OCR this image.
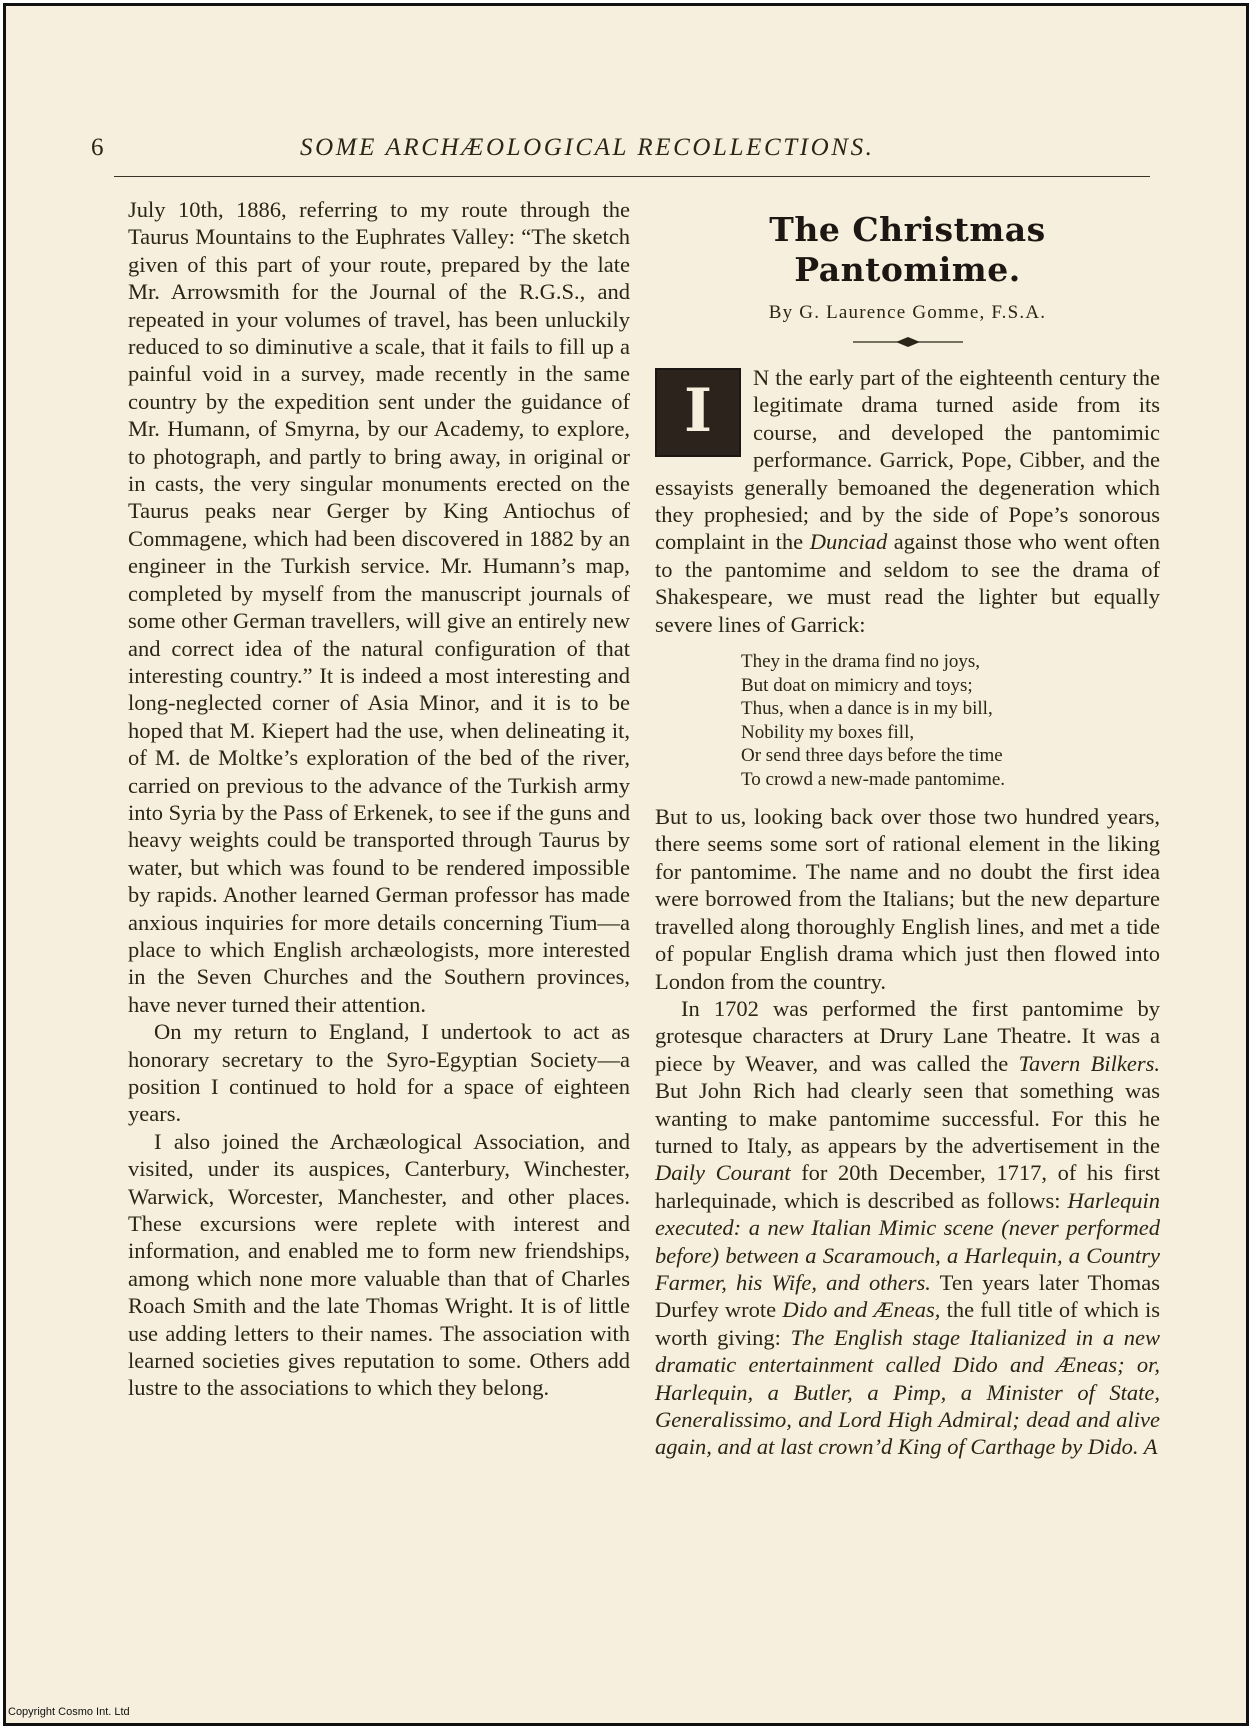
6	SOME ARCHÆOLOGICAL RECOLLECTIONS.

July 10th, 1886, referring to my route through the Taurus Mountains to the Euphrates Valley: “The sketch given of this part of your route, prepared by the late Mr. Arrowsmith for the Journal of the R.G.S., and repeated in your volumes of travel, has been unluckily reduced to so diminutive a scale, that it fails to fill up a painful void in a survey, made recently in the same country by the expedition sent under the guidance of Mr. Humann, of Smyrna, by our Academy, to explore, to photograph, and partly to bring away, in original or in casts, the very singular monuments erected on the Taurus peaks near Gerger by King Antiochus of Commagene, which had been discovered in 1882 by an engineer in the Turkish service. Mr. Humann’s map, completed by myself from the manuscript journals of some other German travellers, will give an entirely new and correct idea of the natural configuration of that interesting country.” It is indeed a most interesting and long-neglected corner of Asia Minor, and it is to be hoped that M. Kiepert had the use, when delineating it, of M. de Moltke’s exploration of the bed of the river, carried on previous to the advance of the Turkish army into Syria by the Pass of Erkenek, to see if the guns and heavy weights could be transported through Taurus by water, but which was found to be rendered impossible by rapids. Another learned German professor has made anxious inquiries for more details concerning Tium—a place to which English archæologists, more interested in the Seven Churches and the Southern provinces, have never turned their attention.

On my return to England, I undertook to act as honorary secretary to the Syro-Egyptian Society—a position I continued to hold for a space of eighteen years.

I also joined the Archæological Association, and visited, under its auspices, Canterbury, Winchester, Warwick, Worcester, Manchester, and other places. These excursions were replete with interest and information, and enabled me to form new friendships, among which none more valuable than that of Charles Roach Smith and the late Thomas Wright. It is of little use adding letters to their names. The association with learned societies gives reputation to some. Others add lustre to the associations to which they belong.

The Christmas Pantomime.
By G. Laurence Gomme, F.S.A.

I	N the early part of the eighteenth century the legitimate drama turned aside from its course, and developed the pantomimic performance. Garrick, Pope, Cibber, and the essayists generally bemoaned the degeneration which they prophesied; and by the side of Pope’s sonorous complaint in the Dunciad against those who went often to the pantomime and seldom to see the drama of Shakespeare, we must read the lighter but equally severe lines of Garrick:

They in the drama find no joys,
But doat on mimicry and toys;
Thus, when a dance is in my bill,
Nobility my boxes fill,
Or send three days before the time
To crowd a new-made pantomime.

But to us, looking back over those two hundred years, there seems some sort of rational element in the liking for pantomime. The name and no doubt the first idea were borrowed from the Italians; but the new departure travelled along thoroughly English lines, and met a tide of popular English drama which just then flowed into London from the country.

In 1702 was performed the first pantomime by grotesque characters at Drury Lane Theatre. It was a piece by Weaver, and was called the Tavern Bilkers. But John Rich had clearly seen that something was wanting to make pantomime successful. For this he turned to Italy, as appears by the advertisement in the Daily Courant for 20th December, 1717, of his first harlequinade, which is described as follows: Harlequin executed: a new Italian Mimic scene (never performed before) between a Scaramouch, a Harlequin, a Country Farmer, his Wife, and others. Ten years later Thomas Durfey wrote Dido and Æneas, the full title of which is worth giving: The English stage Italianized in a new dramatic entertainment called Dido and Æneas; or, Harlequin, a Butler, a Pimp, a Minister of State, Generalissimo, and Lord High Admiral; dead and alive again, and at last crown’d King of Carthage by Dido. A

Copyright Cosmo Int. Ltd
